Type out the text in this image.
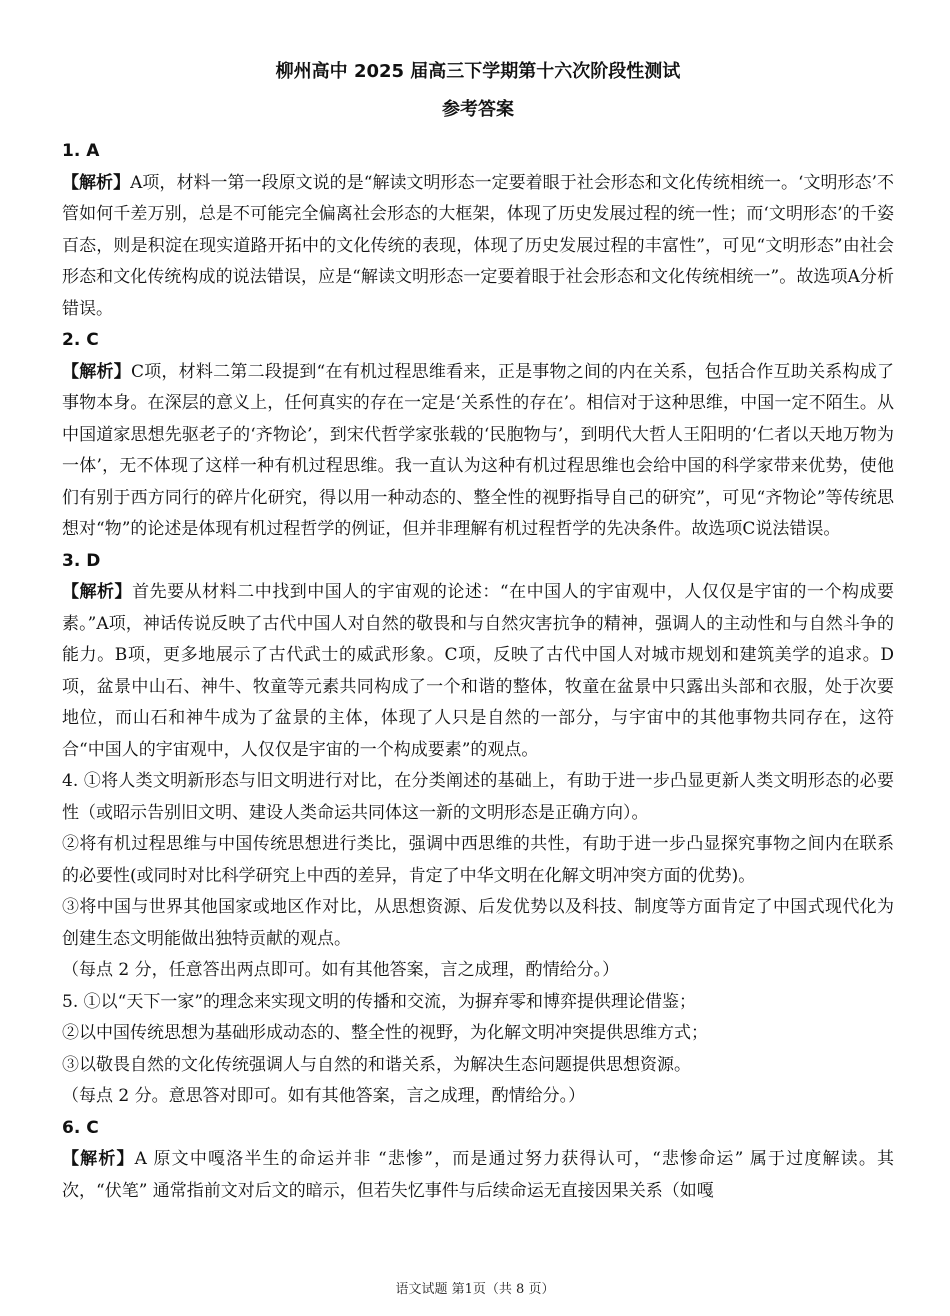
柳州高中 2025 届高三下学期第十六次阶段性测试

参考答案

1. A

【解析】A项，材料一第一段原文说的是“解读文明形态一定要着眼于社会形态和文化传统相统一。‘文明形态’不管如何千差万别，总是不可能完全偏离社会形态的大框架，体现了历史发展过程的统一性；而‘文明形态’的千姿百态，则是积淀在现实道路开拓中的文化传统的表现，体现了历史发展过程的丰富性”，可见“文明形态”由社会形态和文化传统构成的说法错误，应是“解读文明形态一定要着眼于社会形态和文化传统相统一”。故选项A分析错误。

2. C

【解析】C项，材料二第二段提到“在有机过程思维看来，正是事物之间的内在关系，包括合作互助关系构成了事物本身。在深层的意义上，任何真实的存在一定是‘关系性的存在’。相信对于这种思维，中国一定不陌生。从中国道家思想先驱老子的‘齐物论’，到宋代哲学家张载的‘民胞物与’，到明代大哲人王阳明的‘仁者以天地万物为一体’，无不体现了这样一种有机过程思维。我一直认为这种有机过程思维也会给中国的科学家带来优势，使他们有别于西方同行的碎片化研究，得以用一种动态的、整全性的视野指导自己的研究”，可见“齐物论”等传统思想对“物”的论述是体现有机过程哲学的例证，但并非理解有机过程哲学的先决条件。故选项C说法错误。

3. D

【解析】首先要从材料二中找到中国人的宇宙观的论述：“在中国人的宇宙观中，人仅仅是宇宙的一个构成要素。”A项，神话传说反映了古代中国人对自然的敬畏和与自然灾害抗争的精神，强调人的主动性和与自然斗争的能力。B项，更多地展示了古代武士的威武形象。C项，反映了古代中国人对城市规划和建筑美学的追求。D项，盆景中山石、神牛、牧童等元素共同构成了一个和谐的整体，牧童在盆景中只露出头部和衣服，处于次要地位，而山石和神牛成为了盆景的主体，体现了人只是自然的一部分，与宇宙中的其他事物共同存在，这符合“中国人的宇宙观中，人仅仅是宇宙的一个构成要素”的观点。

4. ①将人类文明新形态与旧文明进行对比，在分类阐述的基础上，有助于进一步凸显更新人类文明形态的必要性（或昭示告别旧文明、建设人类命运共同体这一新的文明形态是正确方向）。

②将有机过程思维与中国传统思想进行类比，强调中西思维的共性，有助于进一步凸显探究事物之间内在联系的必要性(或同时对比科学研究上中西的差异，肯定了中华文明在化解文明冲突方面的优势)。

③将中国与世界其他国家或地区作对比，从思想资源、后发优势以及科技、制度等方面肯定了中国式现代化为创建生态文明能做出独特贡献的观点。

（每点 2 分，任意答出两点即可。如有其他答案，言之成理，酌情给分。）

5. ①以“天下一家”的理念来实现文明的传播和交流，为摒弃零和博弈提供理论借鉴；

②以中国传统思想为基础形成动态的、整全性的视野，为化解文明冲突提供思维方式；

③以敬畏自然的文化传统强调人与自然的和谐关系，为解决生态问题提供思想资源。

（每点 2 分。意思答对即可。如有其他答案，言之成理，酌情给分。）

6. C

【解析】A 原文中嘎洛半生的命运并非 “悲惨”，而是通过努力获得认可，“悲惨命运” 属于过度解读。其次，“伏笔” 通常指前文对后文的暗示，但若失忆事件与后续命运无直接因果关系（如嘎

语文试题 第1页（共 8 页）
